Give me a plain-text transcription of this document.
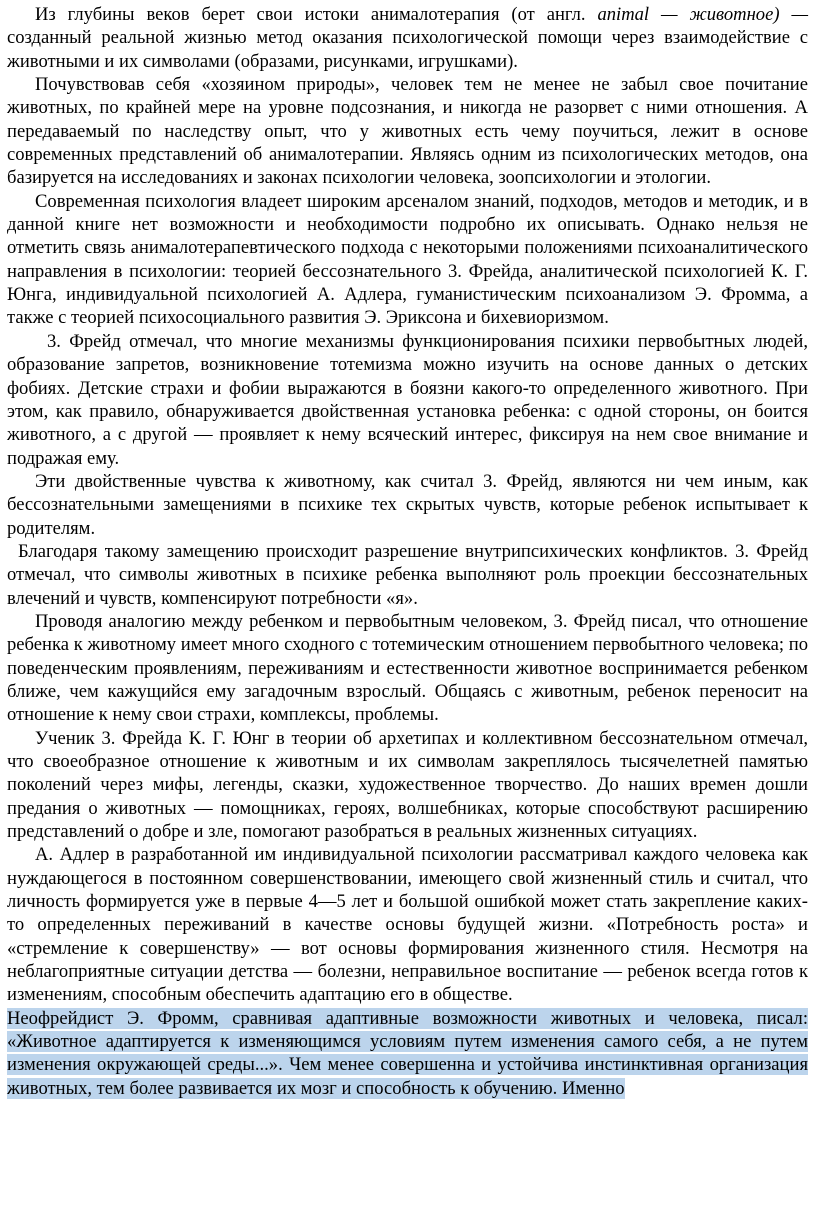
Из глубины веков берет свои истоки анималотерапия (от англ. animal — животное) — созданный реальной жизнью метод оказания психологической помощи через взаимодействие с животными и их символами (образами, рисунками, игрушками).

Почувствовав себя «хозяином природы», человек тем не менее не забыл свое почитание животных, по крайней мере на уровне подсознания, и никогда не разорвет с ними отношения. А передаваемый по наследству опыт, что у животных есть чему поучиться, лежит в основе современных представлений об анималотерапии. Являясь одним из психологических методов, она базируется на исследованиях и законах психологии человека, зоопсихологии и этологии.

Современная психология владеет широким арсеналом знаний, подходов, методов и методик, и в данной книге нет возможности и необходимости подробно их описывать. Однако нельзя не отметить связь анималотерапевтического подхода с некоторыми положениями психоаналитического направления в психологии: теорией бессознательного 3. Фрейда, аналитической психологией К. Г. Юнга, индивидуальной психологией А. Адлера, гуманистическим психоанализом Э. Фромма, а также с теорией психосоциального развития Э. Эриксона и бихевиоризмом.

3. Фрейд отмечал, что многие механизмы функционирования психики первобытных людей, образование запретов, возникновение тотемизма можно изучить на основе данных о детских фобиях. Детские страхи и фобии выражаются в боязни какого-то определенного животного. При этом, как правило, обнаруживается двойственная установка ребенка: с одной стороны, он боится животного, а с другой — проявляет к нему всяческий интерес, фиксируя на нем свое внимание и подражая ему.

Эти двойственные чувства к животному, как считал 3. Фрейд, являются ни чем иным, как бессознательными замещениями в психике тех скрытых чувств, которые ребенок испытывает к родителям.

Благодаря такому замещению происходит разрешение внутрипсихических конфликтов. 3. Фрейд отмечал, что символы животных в психике ребенка выполняют роль проекции бессознательных влечений и чувств, компенсируют потребности «я».

Проводя аналогию между ребенком и первобытным человеком, 3. Фрейд писал, что отношение ребенка к животному имеет много сходного с тотемическим отношением первобытного человека; по поведенческим проявлениям, переживаниям и естественности животное воспринимается ребенком ближе, чем кажущийся ему загадочным взрослый. Общаясь с животным, ребенок переносит на отношение к нему свои страхи, комплексы, проблемы.

Ученик 3. Фрейда К. Г. Юнг в теории об архетипах и коллективном бессознательном отмечал, что своеобразное отношение к животным и их символам закреплялось тысячелетней памятью поколений через мифы, легенды, сказки, художественное творчество. До наших времен дошли предания о животных — помощниках, героях, волшебниках, которые способствуют расширению представлений о добре и зле, помогают разобраться в реальных жизненных ситуациях.

А. Адлер в разработанной им индивидуальной психологии рассматривал каждого человека как нуждающегося в постоянном совершенствовании, имеющего свой жизненный стиль и считал, что личность формируется уже в первые 4—5 лет и большой ошибкой может стать закрепление каких-то определенных переживаний в качестве основы будущей жизни. «Потребность роста» и «стремление к совершенству» — вот основы формирования жизненного стиля. Несмотря на неблагоприятные ситуации детства — болезни, неправильное воспитание — ребенок всегда готов к изменениям, способным обеспечить адаптацию его в обществе.

Неофрейдист Э. Фромм, сравнивая адаптивные возможности животных и человека, писал: «Животное адаптируется к изменяющимся условиям путем изменения самого себя, а не путем изменения окружающей среды...». Чем менее совершенна и устойчива инстинктивная организация животных, тем более развивается их мозг и способность к обучению. Именно
